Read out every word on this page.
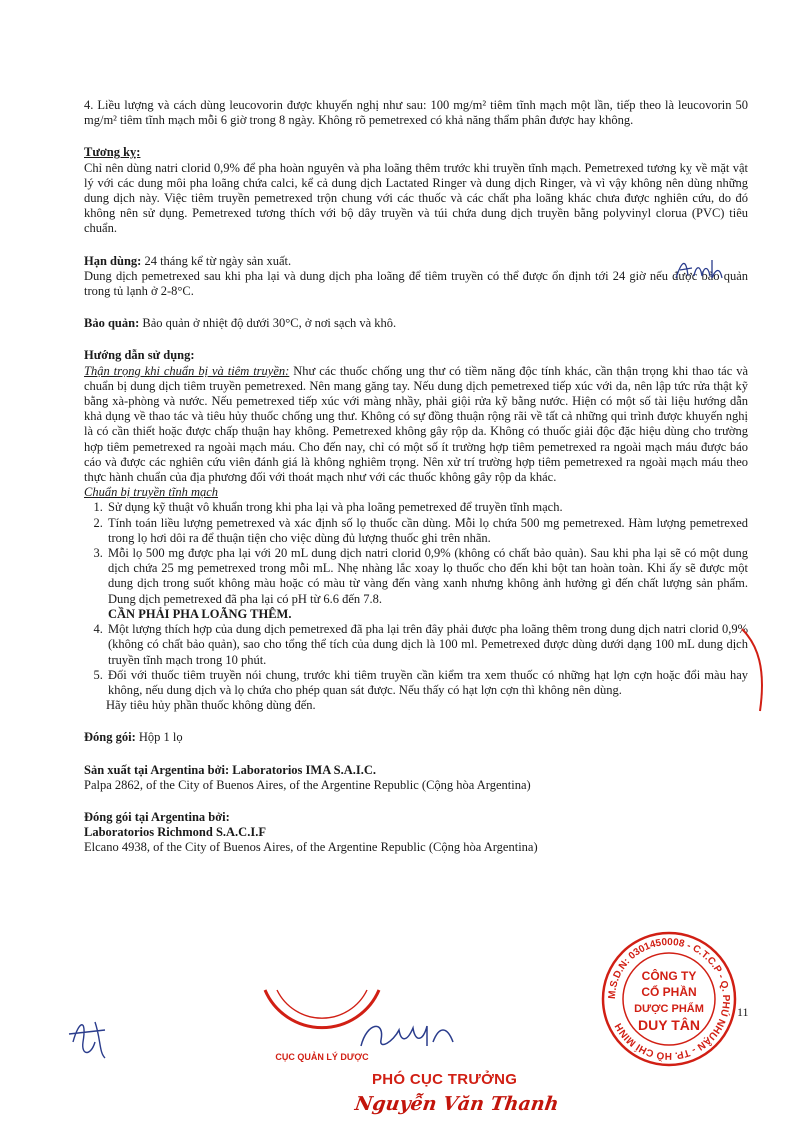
4. Liều lượng và cách dùng leucovorin được khuyến nghị như sau: 100 mg/m² tiêm tĩnh mạch một lần, tiếp theo là leucovorin 50 mg/m² tiêm tĩnh mạch mỗi 6 giờ trong 8 ngày. Không rõ pemetrexed có khả năng thẩm phân được hay không.

Tương kỵ:

Chỉ nên dùng natri clorid 0,9% để pha hoàn nguyên và pha loãng thêm trước khi truyền tĩnh mạch. Pemetrexed tương kỵ về mặt vật lý với các dung môi pha loãng chứa calci, kể cả dung dịch Lactated Ringer và dung dịch Ringer, và vì vậy không nên dùng những dung dịch này. Việc tiêm truyền pemetrexed trộn chung với các thuốc và các chất pha loãng khác chưa được nghiên cứu, do đó không nên sử dụng. Pemetrexed tương thích với bộ dây truyền và túi chứa dung dịch truyền bằng polyvinyl clorua (PVC) tiêu chuẩn.

Hạn dùng: 24 tháng kể từ ngày sản xuất.

Dung dịch pemetrexed sau khi pha lại và dung dịch pha loãng để tiêm truyền có thể được ổn định tới 24 giờ nếu được bảo quản trong tủ lạnh ở 2-8°C.

Bảo quản: Bảo quản ở nhiệt độ dưới 30°C, ở nơi sạch và khô.

Hướng dẫn sử dụng:

Thận trọng khi chuẩn bị và tiêm truyền: Như các thuốc chống ung thư có tiềm năng độc tính khác, cần thận trọng khi thao tác và chuẩn bị dung dịch tiêm truyền pemetrexed. Nên mang găng tay. Nếu dung dịch pemetrexed tiếp xúc với da, nên lập tức rửa thật kỹ bằng xà-phòng và nước. Nếu pemetrexed tiếp xúc với màng nhầy, phải giội rửa kỹ bằng nước. Hiện có một số tài liệu hướng dẫn khả dụng về thao tác và tiêu hủy thuốc chống ung thư. Không có sự đồng thuận rộng rãi về tất cả những qui trình được khuyến nghị là có cần thiết hoặc được chấp thuận hay không. Pemetrexed không gây rộp da. Không có thuốc giải độc đặc hiệu dùng cho trường hợp tiêm pemetrexed ra ngoài mạch máu. Cho đến nay, chỉ có một số ít trường hợp tiêm pemetrexed ra ngoài mạch máu được báo cáo và được các nghiên cứu viên đánh giá là không nghiêm trọng. Nên xử trí trường hợp tiêm pemetrexed ra ngoài mạch máu theo thực hành chuẩn của địa phương đối với thoát mạch như với các thuốc không gây rộp da khác.

Chuẩn bị truyền tĩnh mạch

1. Sử dụng kỹ thuật vô khuẩn trong khi pha lại và pha loãng pemetrexed để truyền tĩnh mạch.
2. Tính toán liều lượng pemetrexed và xác định số lọ thuốc cần dùng. Mỗi lọ chứa 500 mg pemetrexed. Hàm lượng pemetrexed trong lọ hơi dôi ra để thuận tiện cho việc dùng đủ lượng thuốc ghi trên nhãn.
3. Mỗi lọ 500 mg được pha lại với 20 mL dung dịch natri clorid 0,9% (không có chất bảo quản). Sau khi pha lại sẽ có một dung dịch chứa 25 mg pemetrexed trong mỗi mL. Nhẹ nhàng lắc xoay lọ thuốc cho đến khi bột tan hoàn toàn. Khi ấy sẽ được một dung dịch trong suốt không màu hoặc có màu từ vàng đến vàng xanh nhưng không ảnh hưởng gì đến chất lượng sản phẩm. Dung dịch pemetrexed đã pha lại có pH từ 6.6 đến 7.8.
CẦN PHẢI PHA LOÃNG THÊM.
4. Một lượng thích hợp của dung dịch pemetrexed đã pha lại trên đây phải được pha loãng thêm trong dung dịch natri clorid 0,9% (không có chất bảo quản), sao cho tổng thể tích của dung dịch là 100 ml. Pemetrexed được dùng dưới dạng 100 mL dung dịch truyền tĩnh mạch trong 10 phút.
5. Đối với thuốc tiêm truyền nói chung, trước khi tiêm truyền cần kiểm tra xem thuốc có những hạt lợn cợn hoặc đổi màu hay không, nếu dung dịch và lọ chứa cho phép quan sát được. Nếu thấy có hạt lợn cợn thì không nên dùng.

Hãy tiêu hủy phần thuốc không dùng đến.

Đóng gói: Hộp 1 lọ

Sản xuất tại Argentina bởi: Laboratorios IMA S.A.I.C.

Palpa 2862, of the City of Buenos Aires, of the Argentine Republic (Cộng hòa Argentina)

Đóng gói tại Argentina bởi:

Laboratorios Richmond S.A.C.I.F

Elcano 4938, of the City of Buenos Aires, of the Argentine Republic (Cộng hòa Argentina)

CỤC QUẢN LÝ DƯỢC
M.S.D.N: 0301450008 - C.T.C.P - Q. PHÚ NHUẬN - TP. HỒ CHÍ MINH
CÔNG TY
CỔ PHẦN
DƯỢC PHẨM
DUY TÂN
11
PHÓ CỤC TRƯỞNG
Nguyễn Văn Thanh
